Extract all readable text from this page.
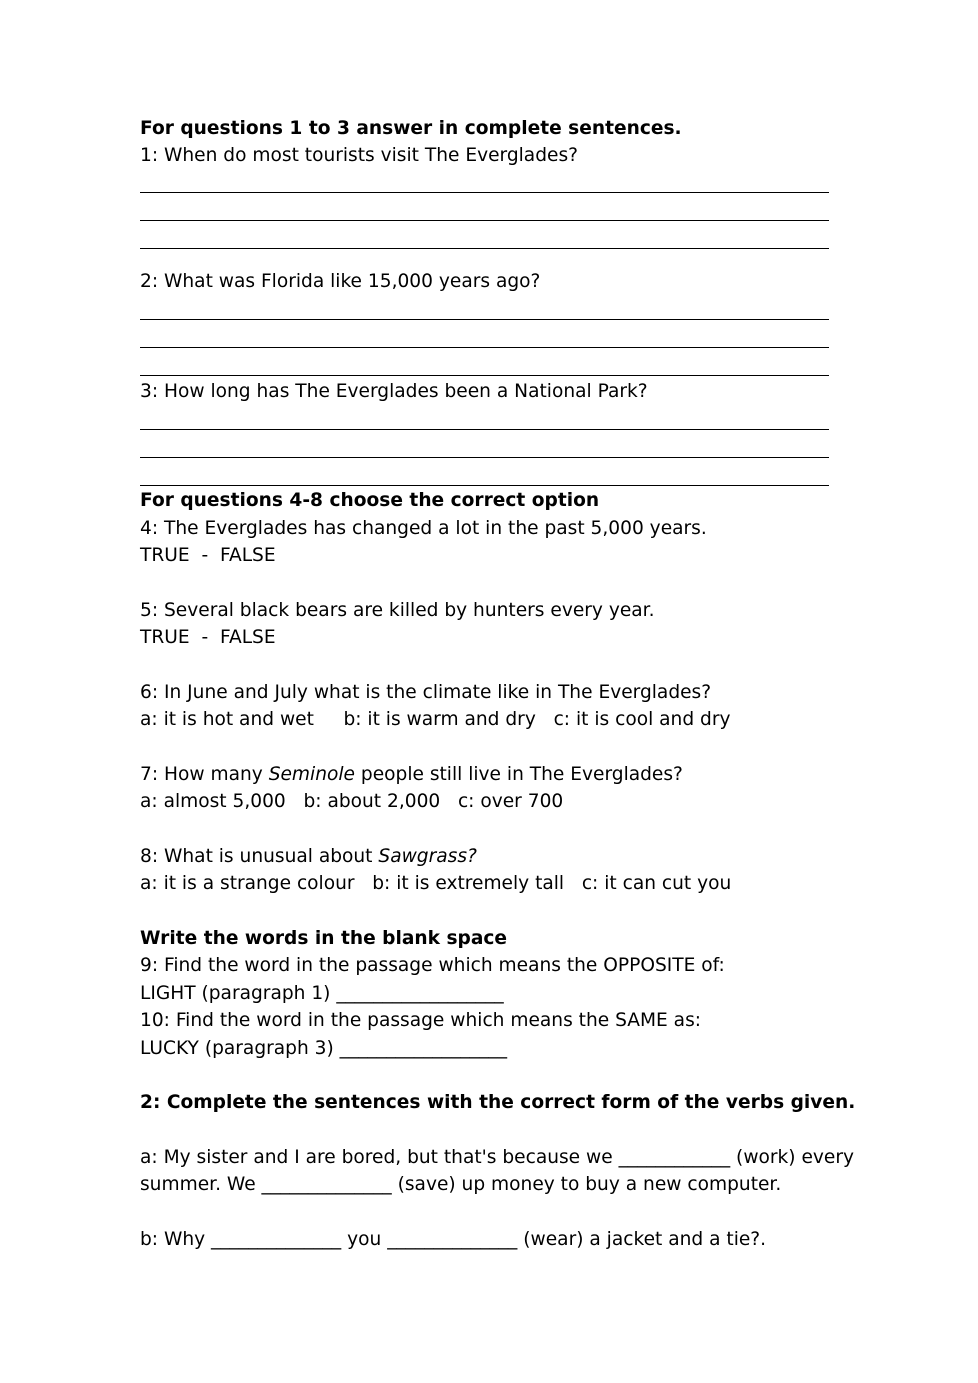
For questions 1 to 3 answer in complete sentences.

1: When do most tourists visit The Everglades?

2: What was Florida like 15,000 years ago?

3: How long has The Everglades been a National Park?

For questions 4-8 choose the correct option

4: The Everglades has changed a lot in the past 5,000 years.

TRUE  -  FALSE

5: Several black bears are killed by hunters every year.

TRUE  -  FALSE

6: In June and July what is the climate like in The Everglades?

a: it is hot and wet     b: it is warm and dry   c: it is cool and dry

7: How many Seminole people still live in The Everglades?

a: almost 5,000   b: about 2,000   c: over 700

8: What is unusual about Sawgrass?

a: it is a strange colour   b: it is extremely tall   c: it can cut you

Write the words in the blank space

9: Find the word in the passage which means the OPPOSITE of:

LIGHT (paragraph 1) __________________

10: Find the word in the passage which means the SAME as:

LUCKY (paragraph 3) __________________

2: Complete the sentences with the correct form of the verbs given.

a: My sister and I are bored, but that's because we ____________ (work) every

summer. We ______________ (save) up money to buy a new computer.

b: Why ______________ you ______________ (wear) a jacket and a tie?.
